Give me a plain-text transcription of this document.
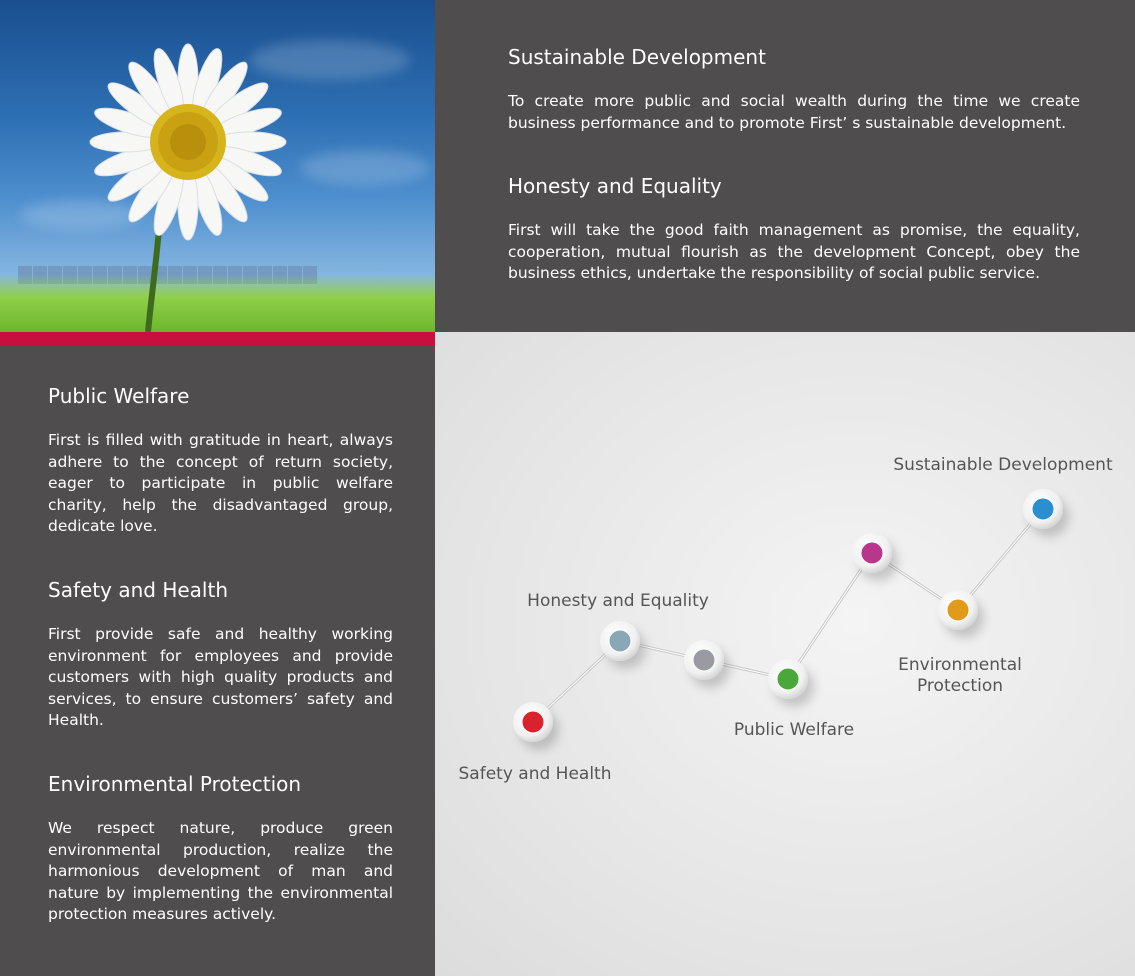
Sustainable Development

To create more public and social wealth during the time we create business performance and to promote First’ s sustainable development.

Honesty and Equality

First will take the good faith management as promise, the equality, cooperation, mutual flourish as the development Concept, obey the business ethics, undertake the responsibility of social public service.

Public Welfare

First is filled with gratitude in heart, always adhere to the concept of return society, eager to participate in public welfare charity, help the disadvantaged group, dedicate love.

Safety and Health

First provide safe and healthy working environment for employees and provide customers with high quality products and services, to ensure customers’ safety and Health.

Environmental Protection

We respect nature, produce green environmental production, realize the harmonious development of man and nature by implementing the environmental protection measures actively.

Safety and Health
Honesty and Equality
Public Welfare
Environmental
Protection
Sustainable Development
